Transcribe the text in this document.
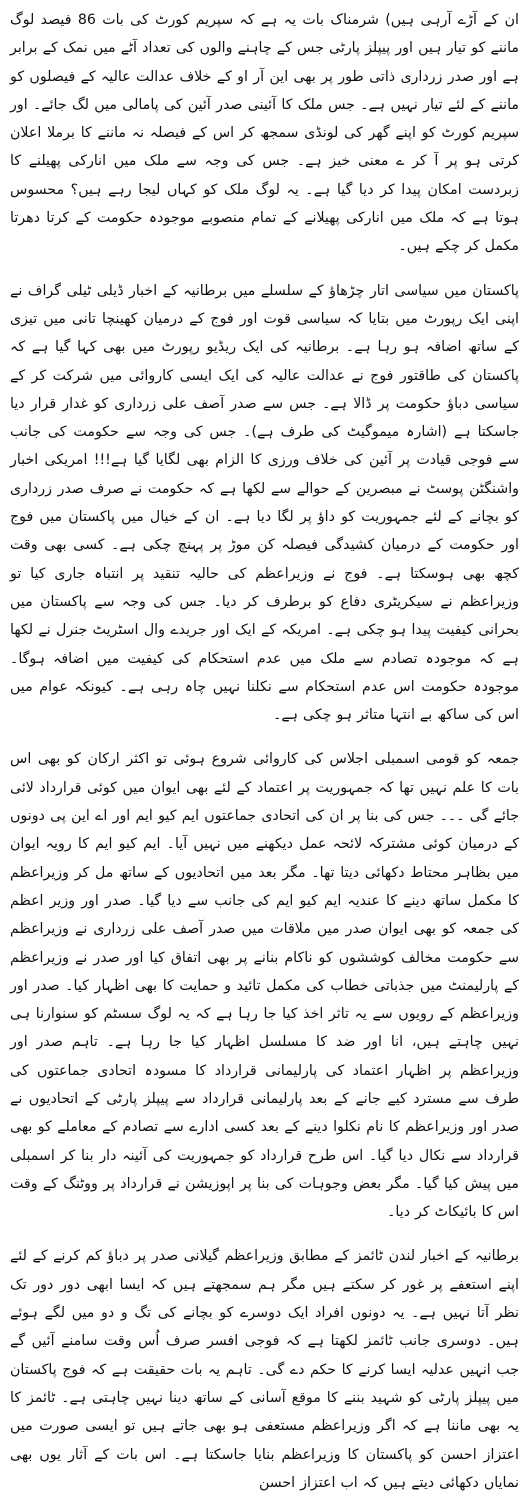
ان کے آڑے آرہی ہیں) شرمناک بات یہ ہے کہ سپریم کورٹ کی بات 86 فیصد لوگ ماننے کو تیار ہیں اور پیپلز پارٹی جس کے چاہنے والوں کی تعداد آٹے میں نمک کے برابر ہے اور صدر زرداری ذاتی طور پر بھی این آر او کے خلاف عدالت عالیہ کے فیصلوں کو ماننے کے لئے تیار نہیں ہے۔ جس ملک کا آئینی صدر آئین کی پامالی میں لگ جائے۔ اور سپریم کورٹ کو اپنے گھر کی لونڈی سمجھ کر اس کے فیصلہ نہ ماننے کا برملا اعلان کرتی ہو پر آ کر ے معنی خیز ہے۔ جس کی وجہ سے ملک میں انارکی پھیلنے کا زبردست امکان پیدا کر دیا گیا ہے۔ یہ لوگ ملک کو کہاں لیجا رہے ہیں؟ محسوس ہوتا ہے کہ ملک میں انارکی پھیلانے کے تمام منصوبے موجودہ حکومت کے کرتا دھرتا مکمل کر چکے ہیں۔

پاکستان میں سیاسی اتار چڑھاؤ کے سلسلے میں برطانیہ کے اخبار ڈیلی ٹیلی گراف نے اپنی ایک رپورٹ میں بتایا کہ سیاسی قوت اور فوج کے درمیان کھینچا تانی میں تیزی کے ساتھ اضافہ ہو رہا ہے۔ برطانیہ کی ایک ریڈیو رپورٹ میں بھی کہا گیا ہے کہ پاکستان کی طاقتور فوج نے عدالت عالیہ کی ایک ایسی کاروائی میں شرکت کر کے سیاسی دباؤ حکومت پر ڈالا ہے۔ جس سے صدر آصف علی زرداری کو غدار قرار دیا جاسکتا ہے (اشارہ میموگیٹ کی طرف ہے)۔ جس کی وجہ سے حکومت کی جانب سے فوجی قیادت پر آئین کی خلاف ورزی کا الزام بھی لگایا گیا ہے!!! امریکی اخبار واشنگٹن پوسٹ نے مبصرین کے حوالے سے لکھا ہے کہ حکومت نے صرف صدر زرداری کو بچانے کے لئے جمہوریت کو داؤ پر لگا دیا ہے۔ ان کے خیال میں پاکستان میں فوج اور حکومت کے درمیان کشیدگی فیصلہ کن موڑ پر پہنچ چکی ہے۔ کسی بھی وقت کچھ بھی ہوسکتا ہے۔ فوج نے وزیراعظم کی حالیہ تنقید پر انتباہ جاری کیا تو وزیراعظم نے سیکریٹری دفاع کو برطرف کر دیا۔ جس کی وجہ سے پاکستان میں بحرانی کیفیت پیدا ہو چکی ہے۔ امریکہ کے ایک اور جریدے وال اسٹریٹ جنرل نے لکھا ہے کہ موجودہ تصادم سے ملک میں عدم استحکام کی کیفیت میں اضافہ ہوگا۔ موجودہ حکومت اس عدم استحکام سے نکلنا نہیں چاہ رہی ہے۔ کیونکہ عوام میں اس کی ساکھ بے انتہا متاثر ہو چکی ہے۔

جمعہ کو قومی اسمبلی اجلاس کی کاروائی شروع ہوئی تو اکثر ارکان کو بھی اس بات کا علم نہیں تھا کہ جمہوریت پر اعتماد کے لئے بھی ایوان میں کوئی قرارداد لائی جائے گی ۔۔۔ جس کی بنا پر ان کی اتحادی جماعتوں ایم کیو ایم اور اے این پی دونوں کے درمیان کوئی مشترکہ لائحہ عمل دیکھنے میں نہیں آیا۔ ایم کیو ایم کا رویہ ایوان میں بظاہر محتاط دکھائی دیتا تھا۔ مگر بعد میں اتحادیوں کے ساتھ مل کر وزیراعظم کا مکمل ساتھ دینے کا عندیہ ایم کیو ایم کی جانب سے دیا گیا۔ صدر اور وزیر اعظم کی جمعہ کو بھی ایوان صدر میں ملاقات میں صدر آصف علی زرداری نے وزیراعظم سے حکومت مخالف کوششوں کو ناکام بنانے پر بھی اتفاق کیا اور صدر نے وزیراعظم کے پارلیمنٹ میں جذباتی خطاب کی مکمل تائید و حمایت کا بھی اظہار کیا۔ صدر اور وزیراعظم کے رویوں سے یہ تاثر اخذ کیا جا رہا ہے کہ یہ لوگ سسٹم کو سنوارنا ہی نہیں چاہتے ہیں، انا اور ضد کا مسلسل اظہار کیا جا رہا ہے۔ تاہم صدر اور وزیراعظم پر اظہار اعتماد کی پارلیمانی قرارداد کا مسودہ اتحادی جماعتوں کی طرف سے مسترد کیے جانے کے بعد پارلیمانی قرارداد سے پیپلز پارٹی کے اتحادیوں نے صدر اور وزیراعظم کا نام نکلوا دینے کے بعد کسی ادارے سے تصادم کے معاملے کو بھی قرارداد سے نکال دیا گیا۔ اس طرح قرارداد کو جمہوریت کی آئینہ دار بنا کر اسمبلی میں پیش کیا گیا۔ مگر بعض وجوہات کی بنا پر اپوزیشن نے قرارداد پر ووٹنگ کے وقت اس کا بائیکاٹ کر دیا۔

برطانیہ کے اخبار لندن ٹائمز کے مطابق وزیراعظم گیلانی صدر پر دباؤ کم کرنے کے لئے اپنے استعفے پر غور کر سکتے ہیں مگر ہم سمجھتے ہیں کہ ایسا ابھی دور دور تک نظر آتا نہیں ہے۔ یہ دونوں افراد ایک دوسرے کو بچانے کی تگ و دو میں لگے ہوئے ہیں۔ دوسری جانب ٹائمز لکھتا ہے کہ فوجی افسر صرف اُس وقت سامنے آئیں گے جب انہیں عدلیہ ایسا کرنے کا حکم دے گی۔ تاہم یہ بات حقیقت ہے کہ فوج پاکستان میں پیپلز پارٹی کو شہید بننے کا موقع آسانی کے ساتھ دینا نہیں چاہتی ہے۔ ٹائمز کا یہ بھی ماننا ہے کہ اگر وزیراعظم مستعفی ہو بھی جاتے ہیں تو ایسی صورت میں اعتزاز احسن کو پاکستان کا وزیراعظم بنایا جاسکتا ہے۔ اس بات کے آثار یوں بھی نمایاں دکھائی دیتے ہیں کہ اب اعتزاز احسن
